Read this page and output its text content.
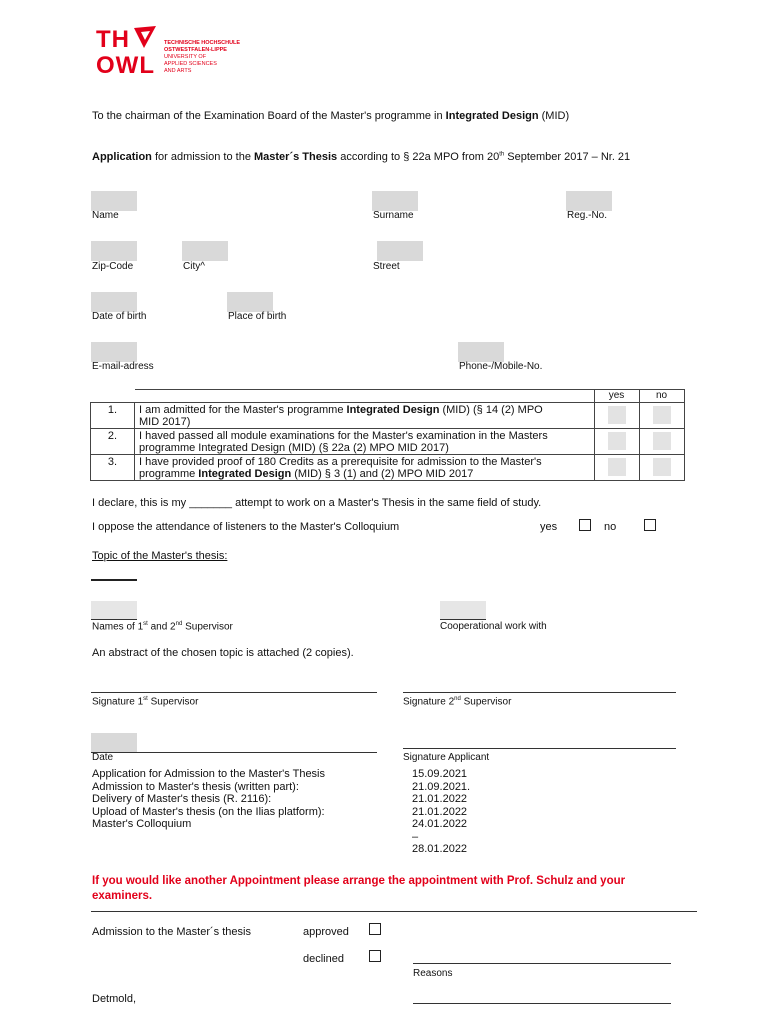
TH
OWL
TECHNISCHE HOCHSCHULE
OSTWESTFALEN-LIPPE
UNIVERSITY OF
APPLIED SCIENCES
AND ARTS
To the chairman of the Examination Board of the Master's programme in Integrated Design (MID)
Application for admission to the Master´s Thesis according to § 22a MPO from 20th September 2017 – Nr. 21
Name	Surname	Reg.-No.
Zip-Code	City^	Street
Date of birth	Place of birth
E-mail-adress	Phone-/Mobile-No.
		yes	no
1.	I am admitted for the Master's programme Integrated Design (MID) (§ 14 (2) MPO
MID 2017)	

2.	I haved passed all module examinations for the Master's examination in the Masters
programme Integrated Design (MID) (§ 22a (2) MPO MID 2017)	

3.	I have provided proof of 180 Credits as a prerequisite for admission to the Master's
programme Integrated Design (MID) § 3 (1) and (2) MPO MID 2017	

I declare, this is my _______ attempt to work on a Master's Thesis in the same field of study.
I oppose the attendance of listeners to the Master's Colloquium	yes	no
Topic of the Master's thesis:
Names of 1st and 2nd Supervisor	Cooperational work with
An abstract of the chosen topic is attached (2 copies).
Signature 1st Supervisor	Signature 2nd Supervisor
Date	Signature Applicant
Application for Admission to the Master's Thesis	15.09.2021
Admission to Master's thesis (written part):	21.09.2021.
Delivery of Master's thesis (R. 2116):	21.01.2022
Upload of Master's thesis (on the Ilias platform):	21.01.2022
Master's Colloquium	24.01.2022 – 28.01.2022
If you would like another Appointment please arrange the appointment with Prof. Schulz and your
examiners.
Admission to the Master´s thesis	approved
declined
Reasons
Detmold,
